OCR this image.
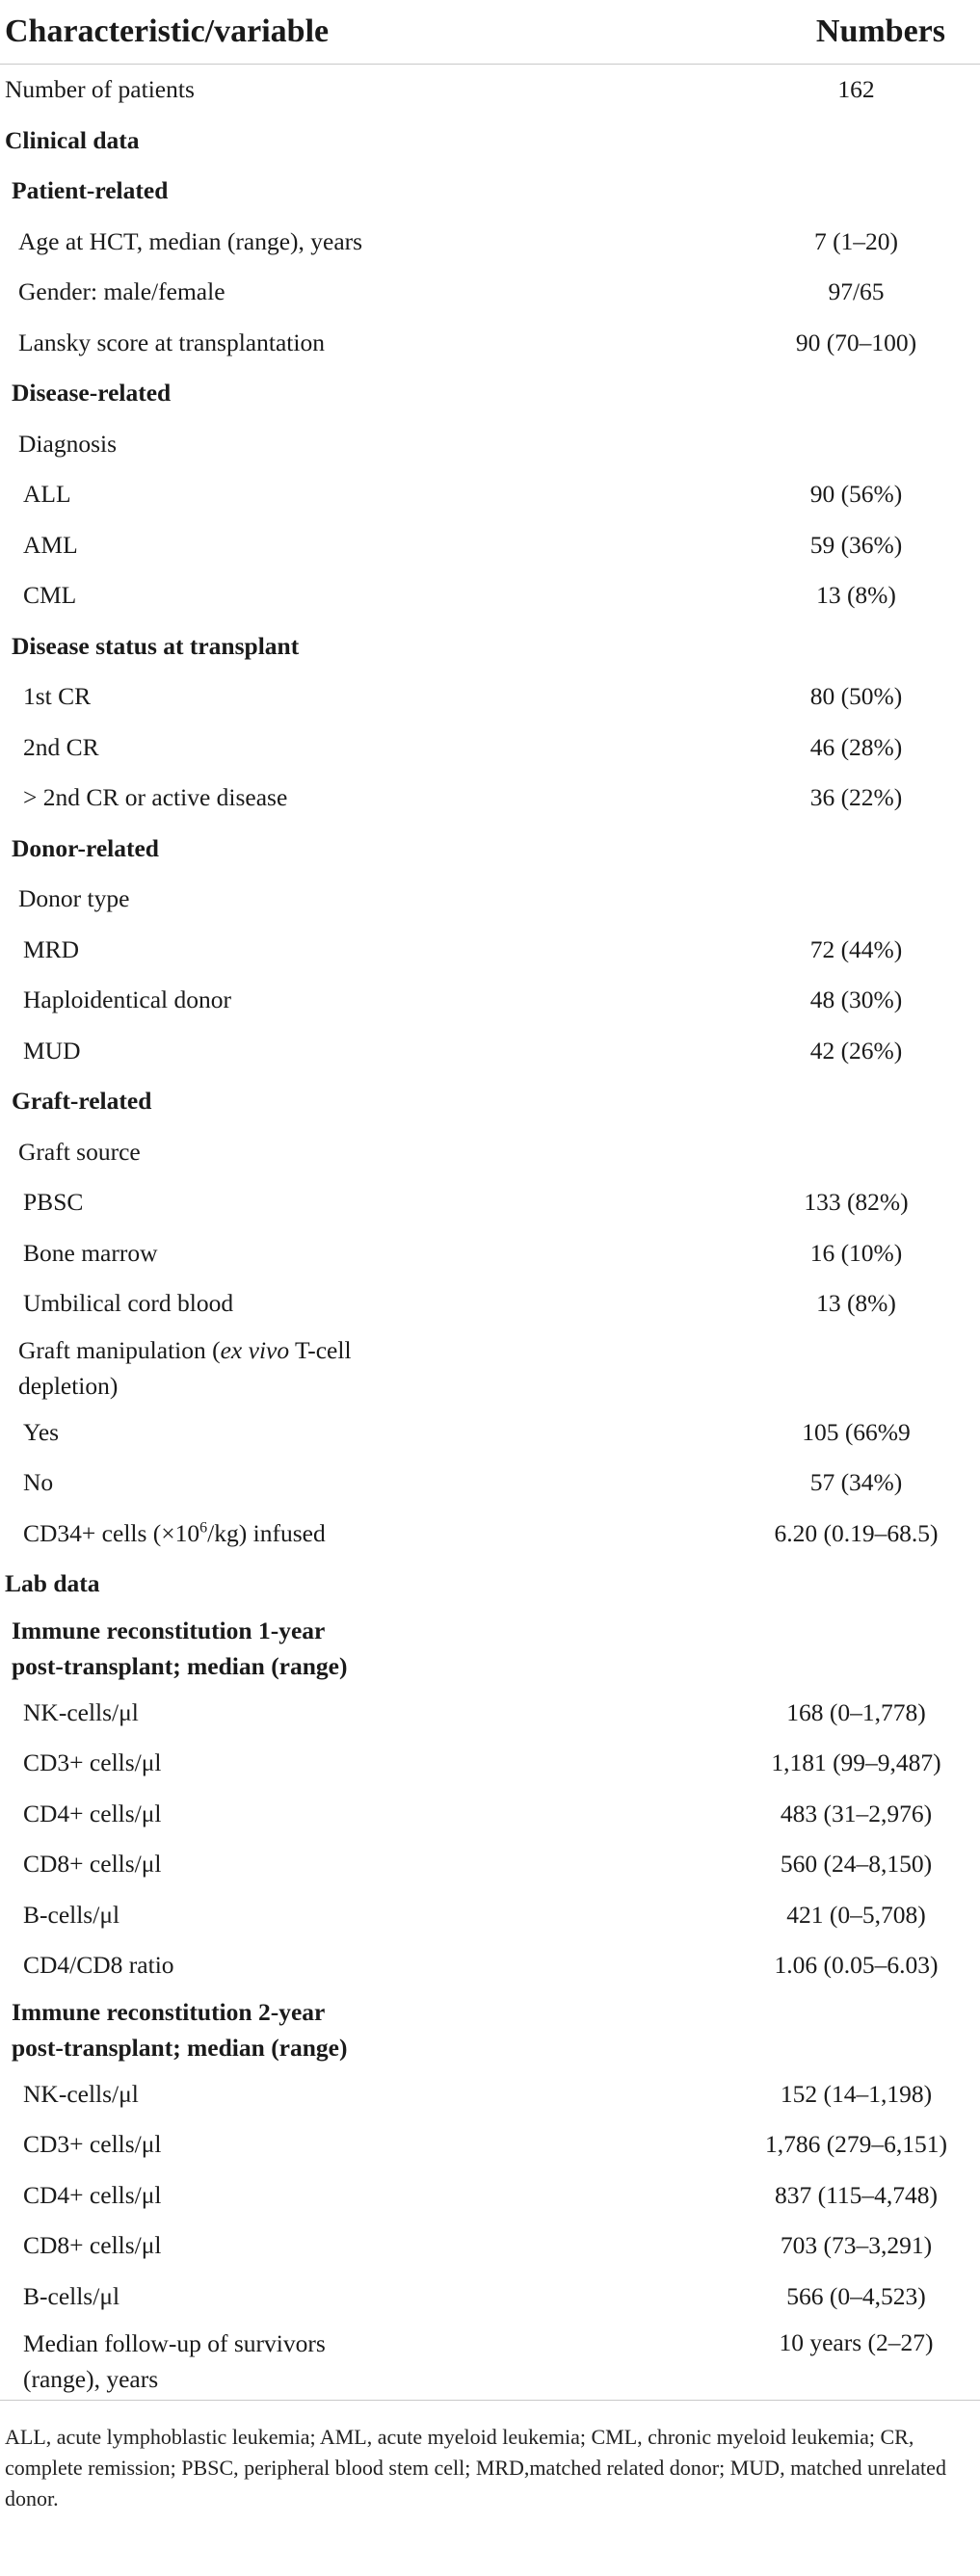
Characteristic/variable	Numbers
Number of patients	162
Clinical data	
Patient-related	
Age at HCT, median (range), years	7 (1–20)
Gender: male/female	97/65
Lansky score at transplantation	90 (70–100)
Disease-related	
Diagnosis	
ALL	90 (56%)
AML	59 (36%)
CML	13 (8%)
Disease status at transplant	
1st CR	80 (50%)
2nd CR	46 (28%)
> 2nd CR or active disease	36 (22%)
Donor-related	
Donor type	
MRD	72 (44%)
Haploidentical donor	48 (30%)
MUD	42 (26%)
Graft-related	
Graft source	
PBSC	133 (82%)
Bone marrow	16 (10%)
Umbilical cord blood	13 (8%)
Graft manipulation (ex vivo T-cell
depletion)	
Yes	105 (66%9
No	57 (34%)
CD34+ cells $(\times 10^6/kg)$ infused	6.20 (0.19–68.5)
Lab data	
Immune reconstitution 1-year
post-transplant; median (range)	
NK-cells/μl	168 (0–1,778)
CD3+ cells/μl	1,181 (99–9,487)
CD4+ cells/μl	483 (31–2,976)
CD8+ cells/μl	560 (24–8,150)
B-cells/μl	421 (0–5,708)
CD4/CD8 ratio	1.06 (0.05–6.03)
Immune reconstitution 2-year
post-transplant; median (range)	
NK-cells/μl	152 (14–1,198)
CD3+ cells/μl	1,786 (279–6,151)
CD4+ cells/μl	837 (115–4,748)
CD8+ cells/μl	703 (73–3,291)
B-cells/μl	566 (0–4,523)
Median follow-up of survivors
(range), years	10 years (2–27)
ALL, acute lymphoblastic leukemia; AML, acute myeloid leukemia; CML, chronic myeloid leukemia; CR, complete remission; PBSC, peripheral blood stem cell; MRD,matched related donor; MUD, matched unrelated donor.
